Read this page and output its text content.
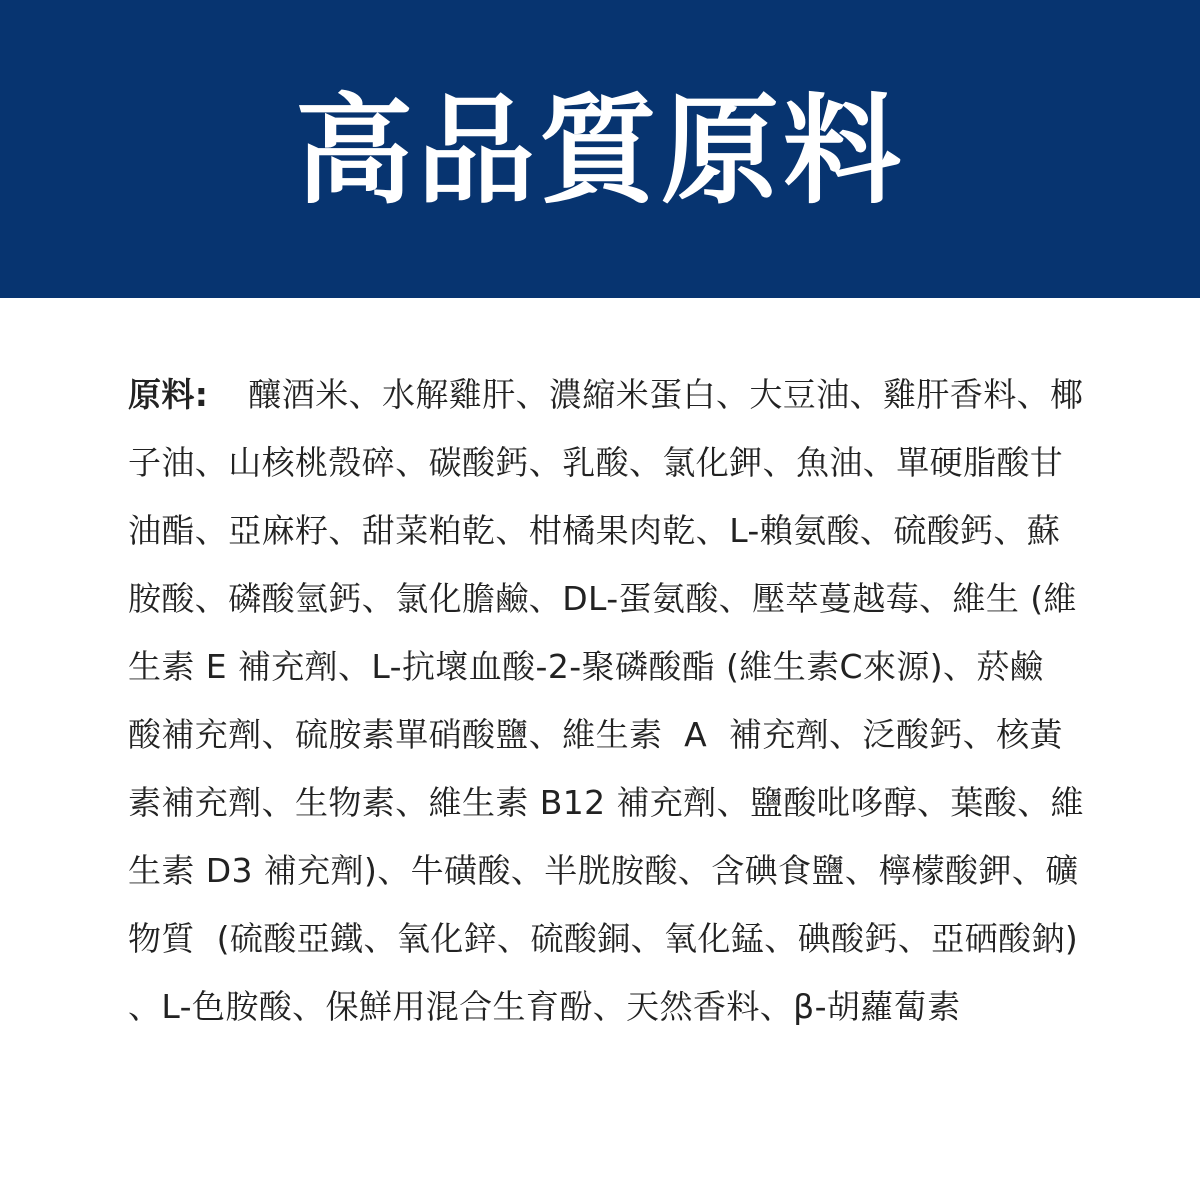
高品質原料
原料: 釀酒米、水解雞肝、濃縮米蛋白、大豆油、雞肝香料、椰
子油、山核桃殼碎、碳酸鈣、乳酸、氯化鉀、魚油、單硬脂酸甘
油酯、亞麻籽、甜菜粕乾、柑橘果肉乾、L-賴氨酸、硫酸鈣、蘇
胺酸、磷酸氫鈣、氯化膽鹼、DL-蛋氨酸、壓萃蔓越莓、維生 (維
生素 E 補充劑、L-抗壞血酸-2-聚磷酸酯 (維生素C來源)、菸鹼
酸補充劑、硫胺素單硝酸鹽、維生素  A  補充劑、泛酸鈣、核黃
素補充劑、生物素、維生素 B12 補充劑、鹽酸吡哆醇、葉酸、維
生素 D3 補充劑)、牛磺酸、半胱胺酸、含碘食鹽、檸檬酸鉀、礦
物質  (硫酸亞鐵、氧化鋅、硫酸銅、氧化錳、碘酸鈣、亞硒酸鈉)
、L-色胺酸、保鮮用混合生育酚、天然香料、β-胡蘿蔔素
